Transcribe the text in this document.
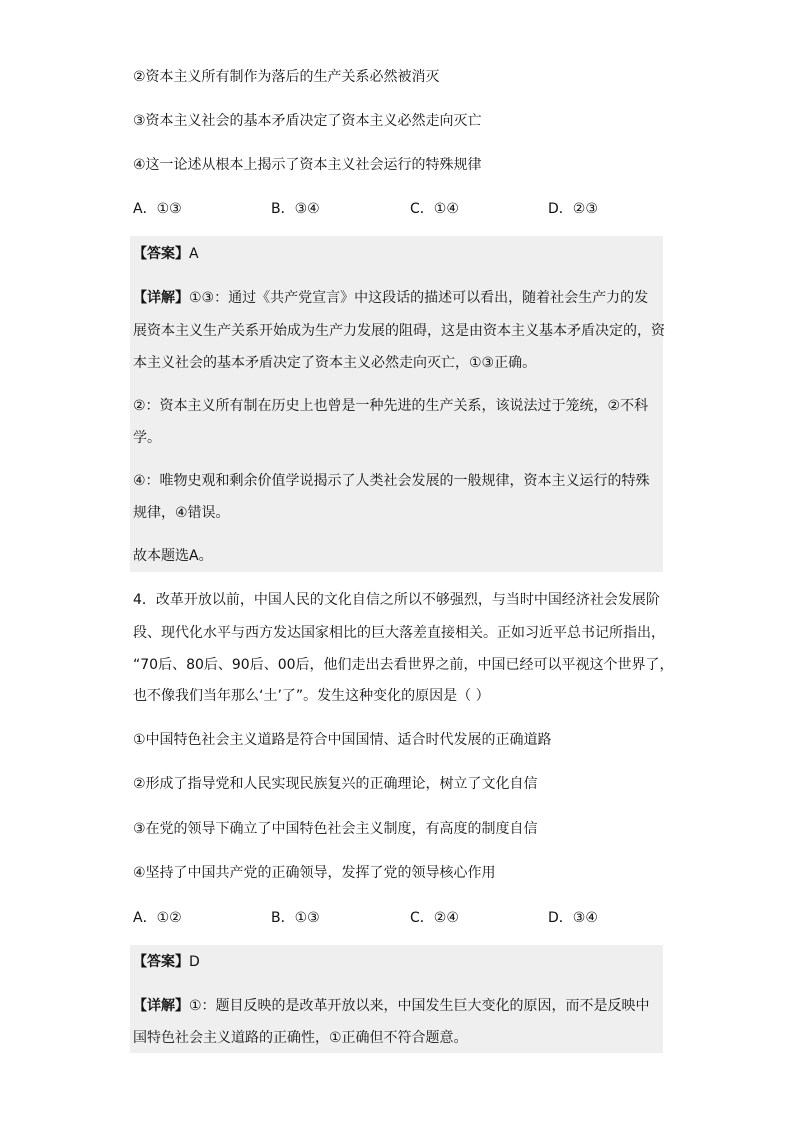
②资本主义所有制作为落后的生产关系必然被消灭
③资本主义社会的基本矛盾决定了资本主义必然走向灭亡
④这一论述从根本上揭示了资本主义社会运行的特殊规律
A．①③	B．③④	C．①④	D．②③
【答案】A
【详解】①③：通过《共产党宣言》中这段话的描述可以看出，随着社会生产力的发
展资本主义生产关系开始成为生产力发展的阻碍，这是由资本主义基本矛盾决定的，资
本主义社会的基本矛盾决定了资本主义必然走向灭亡，①③正确。
②：资本主义所有制在历史上也曾是一种先进的生产关系，该说法过于笼统，②不科
学。
④：唯物史观和剩余价值学说揭示了人类社会发展的一般规律，资本主义运行的特殊
规律，④错误。
故本题选A。
4．改革开放以前，中国人民的文化自信之所以不够强烈，与当时中国经济社会发展阶
段、现代化水平与西方发达国家相比的巨大落差直接相关。正如习近平总书记所指出，
“70后、80后、90后、00后，他们走出去看世界之前，中国已经可以平视这个世界了，
也不像我们当年那么‘土’了”。发生这种变化的原因是（ ）
①中国特色社会主义道路是符合中国国情、适合时代发展的正确道路
②形成了指导党和人民实现民族复兴的正确理论，树立了文化自信
③在党的领导下确立了中国特色社会主义制度，有高度的制度自信
④坚持了中国共产党的正确领导，发挥了党的领导核心作用
A．①②	B．①③	C．②④	D．③④
【答案】D
【详解】①：题目反映的是改革开放以来，中国发生巨大变化的原因，而不是反映中
国特色社会主义道路的正确性，①正确但不符合题意。
